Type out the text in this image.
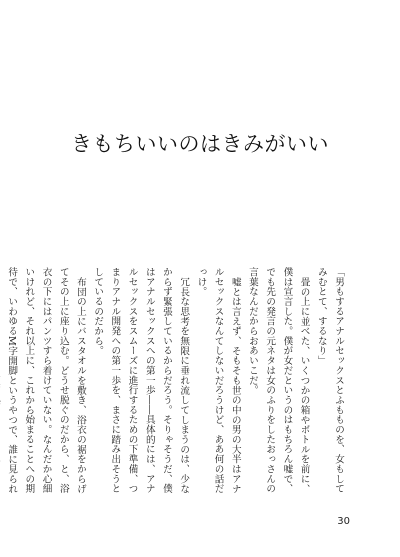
きもちいいのはきみがいい

「男もするアナルセックスとふもものを、女もしてみむとて、するなり」

畳の上に並べた、いくつかの箱やボトルを前に、僕は宣言した。僕が女だというのはもちろん嘘で、でも先の発言の元ネタは女のふりをしたおっさんの言葉なんだからおあいこだ。

嘘とは言えず、そもそも世の中の男の大半はアナルセックスなんてしないだろうけど、ああ何の話だっけ。

冗長な思考を無限に垂れ流してしまうのは、少なからず緊張しているからだろう。そりゃそうだ、僕はアナルセックスへの第一歩――具体的には、アナルセックスをスムーズに進行するための下準備、つまりアナル開発への第一歩を、まさに踏み出そうとしているのだから。

布団の上にバスタオルを敷き、浴衣の裾をからげてその上に座り込む。どうせ脱ぐのだから、と、浴衣の下にはパンツすら着けていない。なんだか心細いけれど、それ以上に、これから始まることへの期待で、いわゆるM字開脚というやつで、誰に見られ

30
